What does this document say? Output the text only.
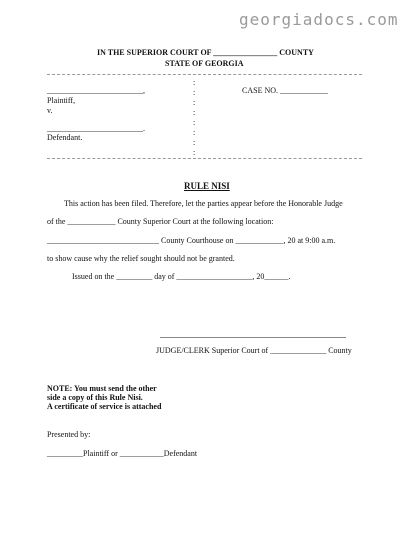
georgiadocs.com
IN THE SUPERIOR COURT OF ________________ COUNTY
STATE OF GEORGIA
:
:
:
:
:
:
:
:
________________________,
Plaintiff,
v.
________________________.
Defendant.
CASE NO. ____________
RULE NISI
This action has been filed. Therefore, let the parties appear before the Honorable Judge
of the ____________ County Superior Court at the following location:
____________________________ County Courthouse on ____________, 20 at 9:00 a.m.
to show cause why the relief sought should not be granted.
Issued on the _________ day of ___________________, 20______.
JUDGE/CLERK Superior Court of ______________ County
NOTE: You must send the other
side a copy of this Rule Nisi.
A certificate of service is attached
Presented by:
_________Plaintiff or ___________Defendant
